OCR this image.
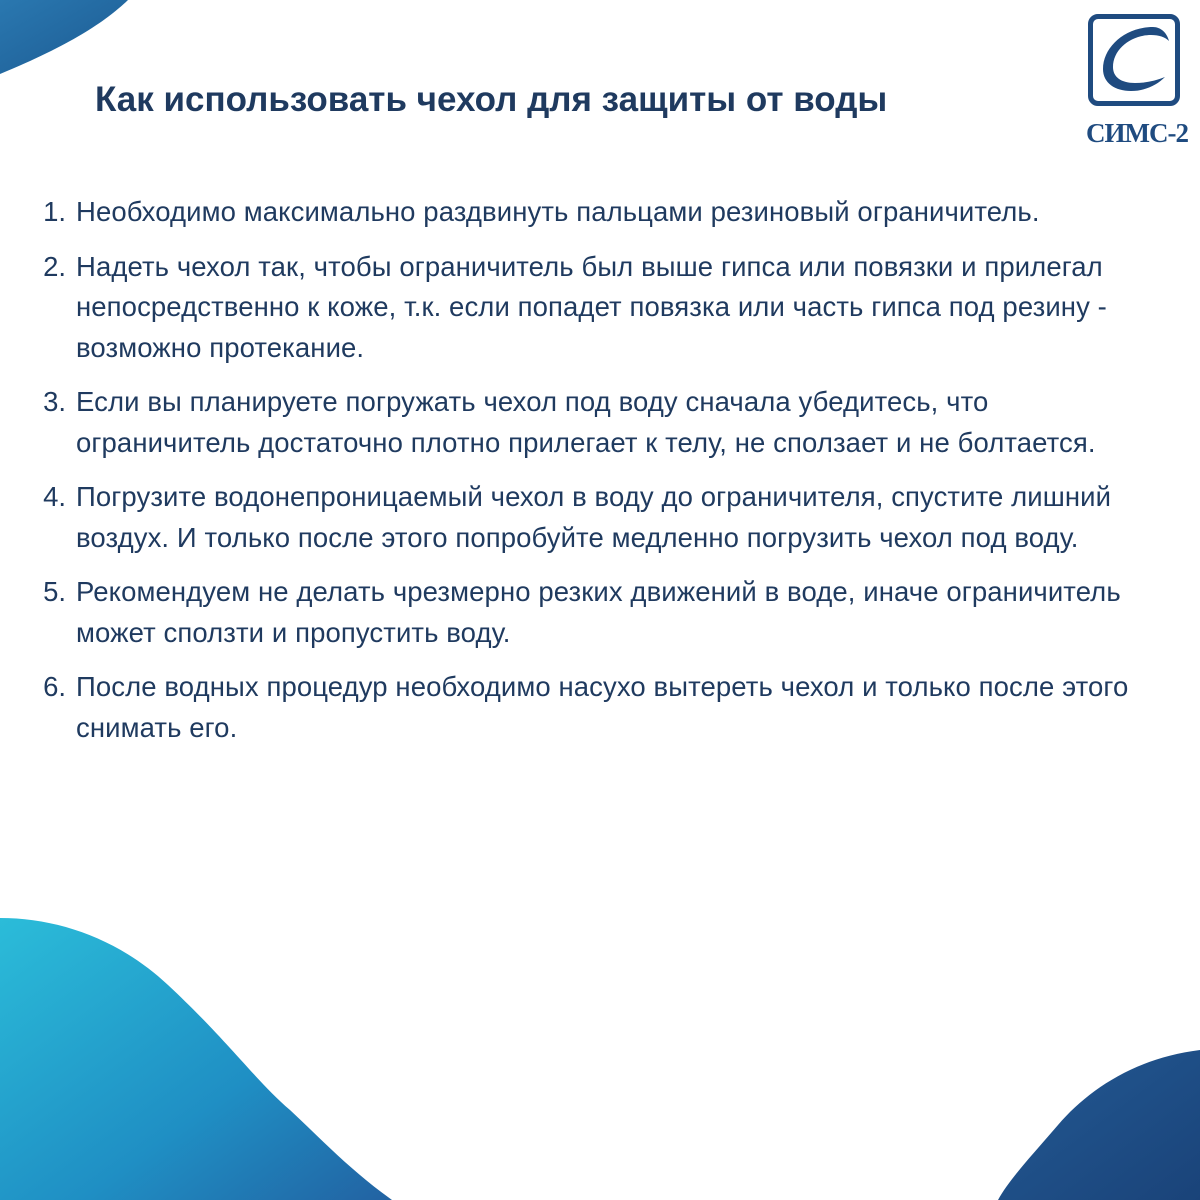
СИМС-2
Как использовать чехол для защиты от воды
1. Необходимо максимально раздвинуть пальцами резиновый ограничитель.
2. Надеть чехол так, чтобы ограничитель был выше гипса или повязки и прилегал непосредственно к коже, т.к. если попадет повязка или часть гипса под резину - возможно протекание.
3. Если вы планируете погружать чехол под воду сначала убедитесь, что ограничитель достаточно плотно прилегает к телу, не сползает и не болтается.
4. Погрузите водонепроницаемый чехол в воду до ограничителя, спустите лишний воздух. И только после этого попробуйте медленно погрузить чехол под воду.
5. Рекомендуем не делать чрезмерно резких движений в воде, иначе ограничитель может сползти и пропустить воду.
6. После водных процедур необходимо насухо вытереть чехол и только после этого снимать его.
